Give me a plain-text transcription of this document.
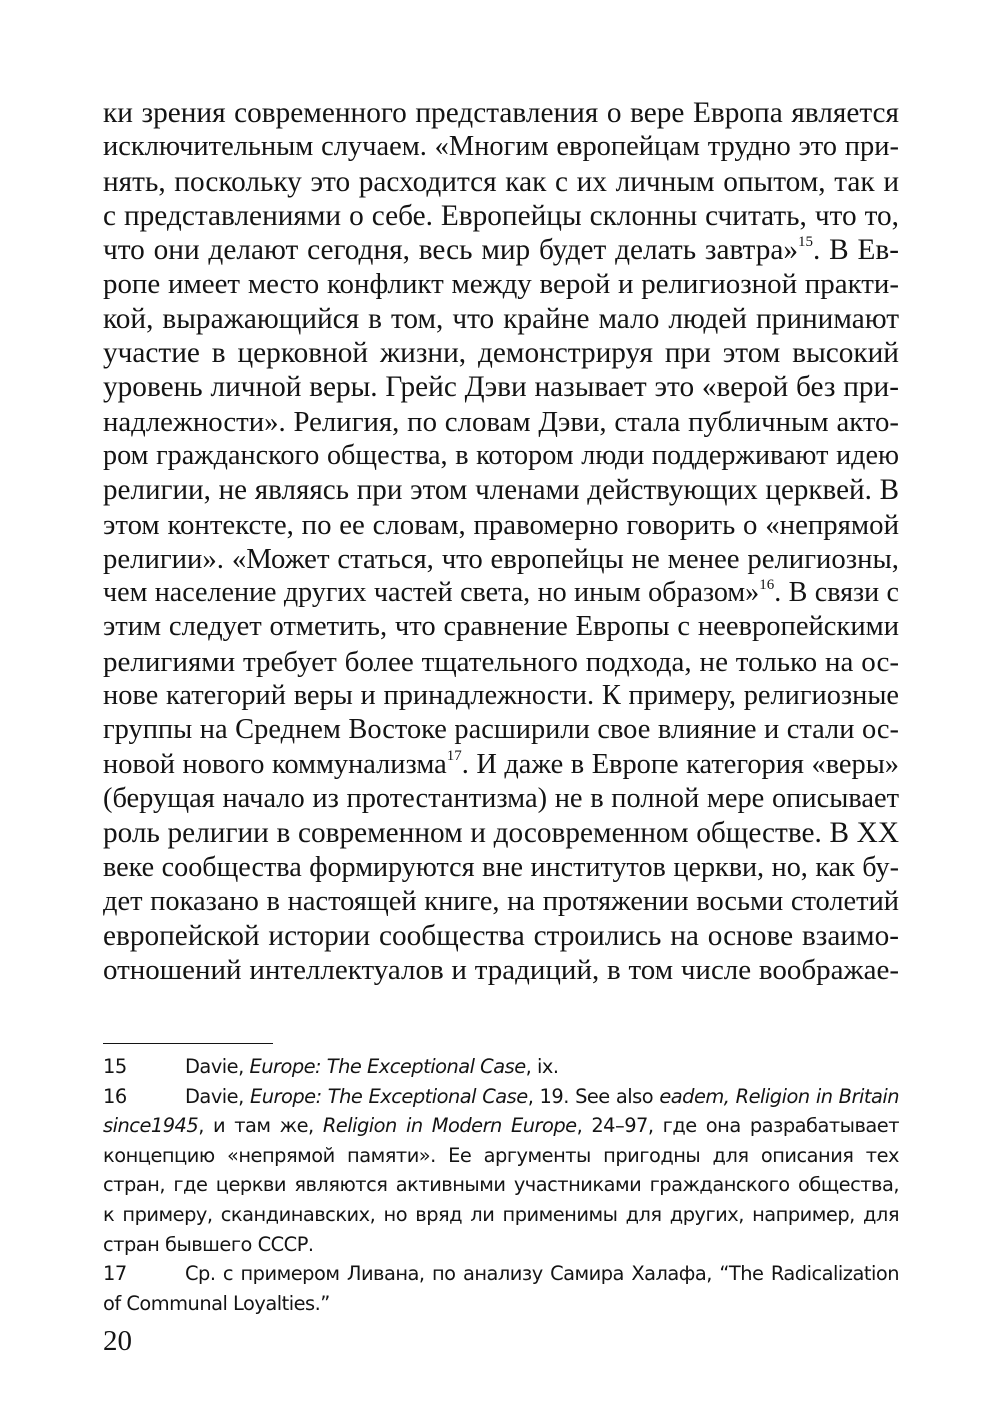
ки зрения современного представления о вере Европа является
исключительным случаем. «Многим европейцам трудно это при-
нять, поскольку это расходится как с их личным опытом, так и
с представлениями о себе. Европейцы склонны считать, что то,
что они делают сегодня, весь мир будет делать завтра»$^{15}$. В Ев-
ропе имеет место конфликт между верой и религиозной практи-
кой, выражающийся в том, что крайне мало людей принимают
участие в церковной жизни, демонстрируя при этом высокий
уровень личной веры. Грейс Дэви называет это «верой без при-
надлежности». Религия, по словам Дэви, стала публичным акто-
ром гражданского общества, в котором люди поддерживают идею
религии, не являясь при этом членами действующих церквей. В
этом контексте, по ее словам, правомерно говорить о «непрямой
религии». «Может статься, что европейцы не менее религиозны,
чем население других частей света, но иным образом»$^{16}$. В связи с
этим следует отметить, что сравнение Европы с неевропейскими
религиями требует более тщательного подхода, не только на ос-
нове категорий веры и принадлежности. К примеру, религиозные
группы на Среднем Востоке расширили свое влияние и стали ос-
новой нового коммунализма$^{17}$. И даже в Европе категория «веры»
(берущая начало из протестантизма) не в полной мере описывает
роль религии в современном и досовременном обществе. В XX
веке сообщества формируются вне институтов церкви, но, как бу-
дет показано в настоящей книге, на протяжении восьми столетий
европейской истории сообщества строились на основе взаимо-
отношений интеллектуалов и традиций, в том числе воображае-
15	Davie, Europe: The Exceptional Case, ix.
16	Davie, Europe: The Exceptional Case, 19. See also eadem, Religion in Britain
since1945, и там же, Religion in Modern Europe, 24–97, где она разрабатывает
концепцию «непрямой памяти». Ее аргументы пригодны для описания тех
стран, где церкви являются активными участниками гражданского общества,
к примеру, скандинавских, но вряд ли применимы для других, например, для
стран бывшего СССР.
17	Ср. с примером Ливана, по анализу Самира Халафа, “The Radicalization
of Communal Loyalties.”
20
